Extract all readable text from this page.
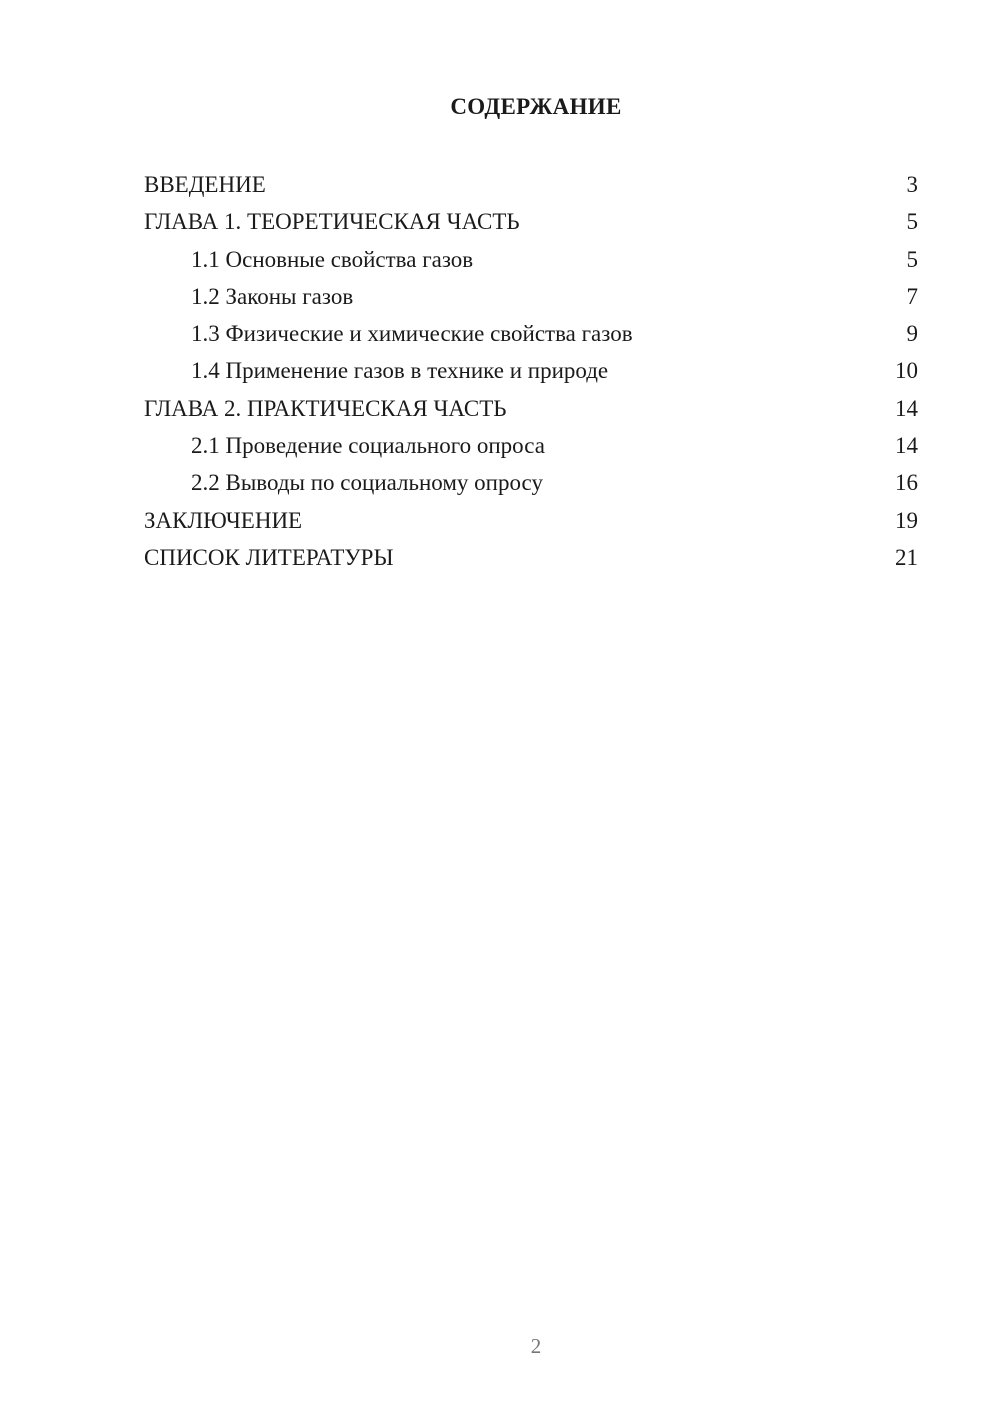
СОДЕРЖАНИЕ
ВВЕДЕНИЕ	3
ГЛАВА 1. ТЕОРЕТИЧЕСКАЯ ЧАСТЬ	5
1.1 Основные свойства газов	5
1.2 Законы газов	7
1.3 Физические и химические свойства газов	9
1.4 Применение газов в технике и природе	10
ГЛАВА 2. ПРАКТИЧЕСКАЯ ЧАСТЬ	14
2.1 Проведение социального опроса	14
2.2 Выводы по социальному опросу	16
ЗАКЛЮЧЕНИЕ	19
СПИСОК ЛИТЕРАТУРЫ	21
2
